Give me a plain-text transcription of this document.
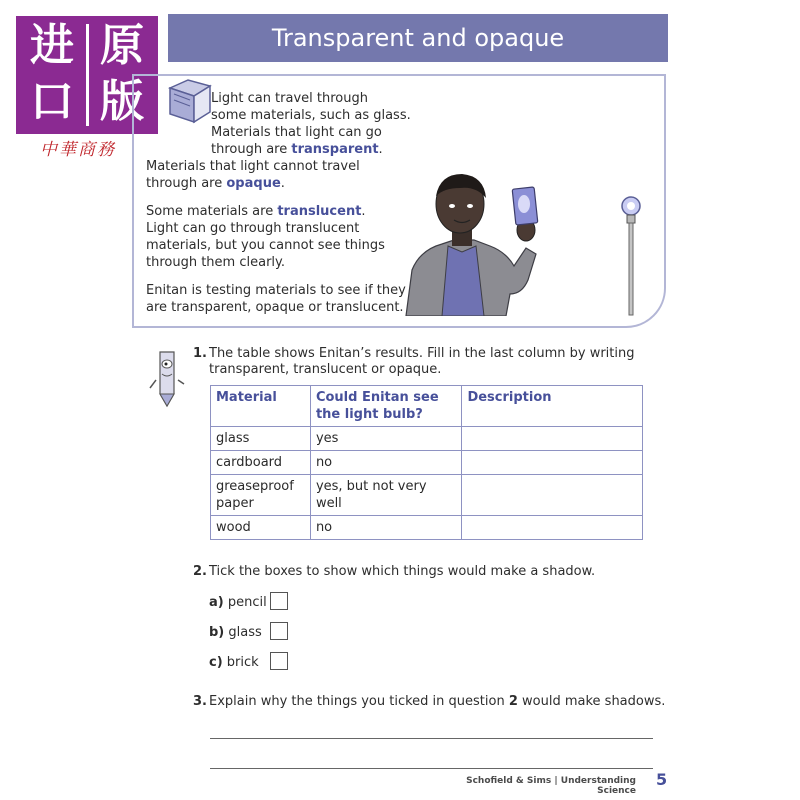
Transparent and opaque
进 原
口 版
中華商務
Light can travel through
some materials, such as glass.
Materials that light can go
through are transparent.
Materials that light cannot travel
through are opaque.
Some materials are translucent.
Light can go through translucent
materials, but you cannot see things
through them clearly.
Enitan is testing materials to see if they
are transparent, opaque or translucent.
1. The table shows Enitan’s results. Fill in the last column by writing
transparent, translucent or opaque.
Material	Could Enitan see the light bulb?	Description
glass	yes	
cardboard	no	
greaseproof paper	yes, but not very well	
wood	no	
2. Tick the boxes to show which things would make a shadow.
a) pencil
b) glass
c) brick
3. Explain why the things you ticked in question 2 would make shadows.
Schofield & Sims | Understanding Science
5
